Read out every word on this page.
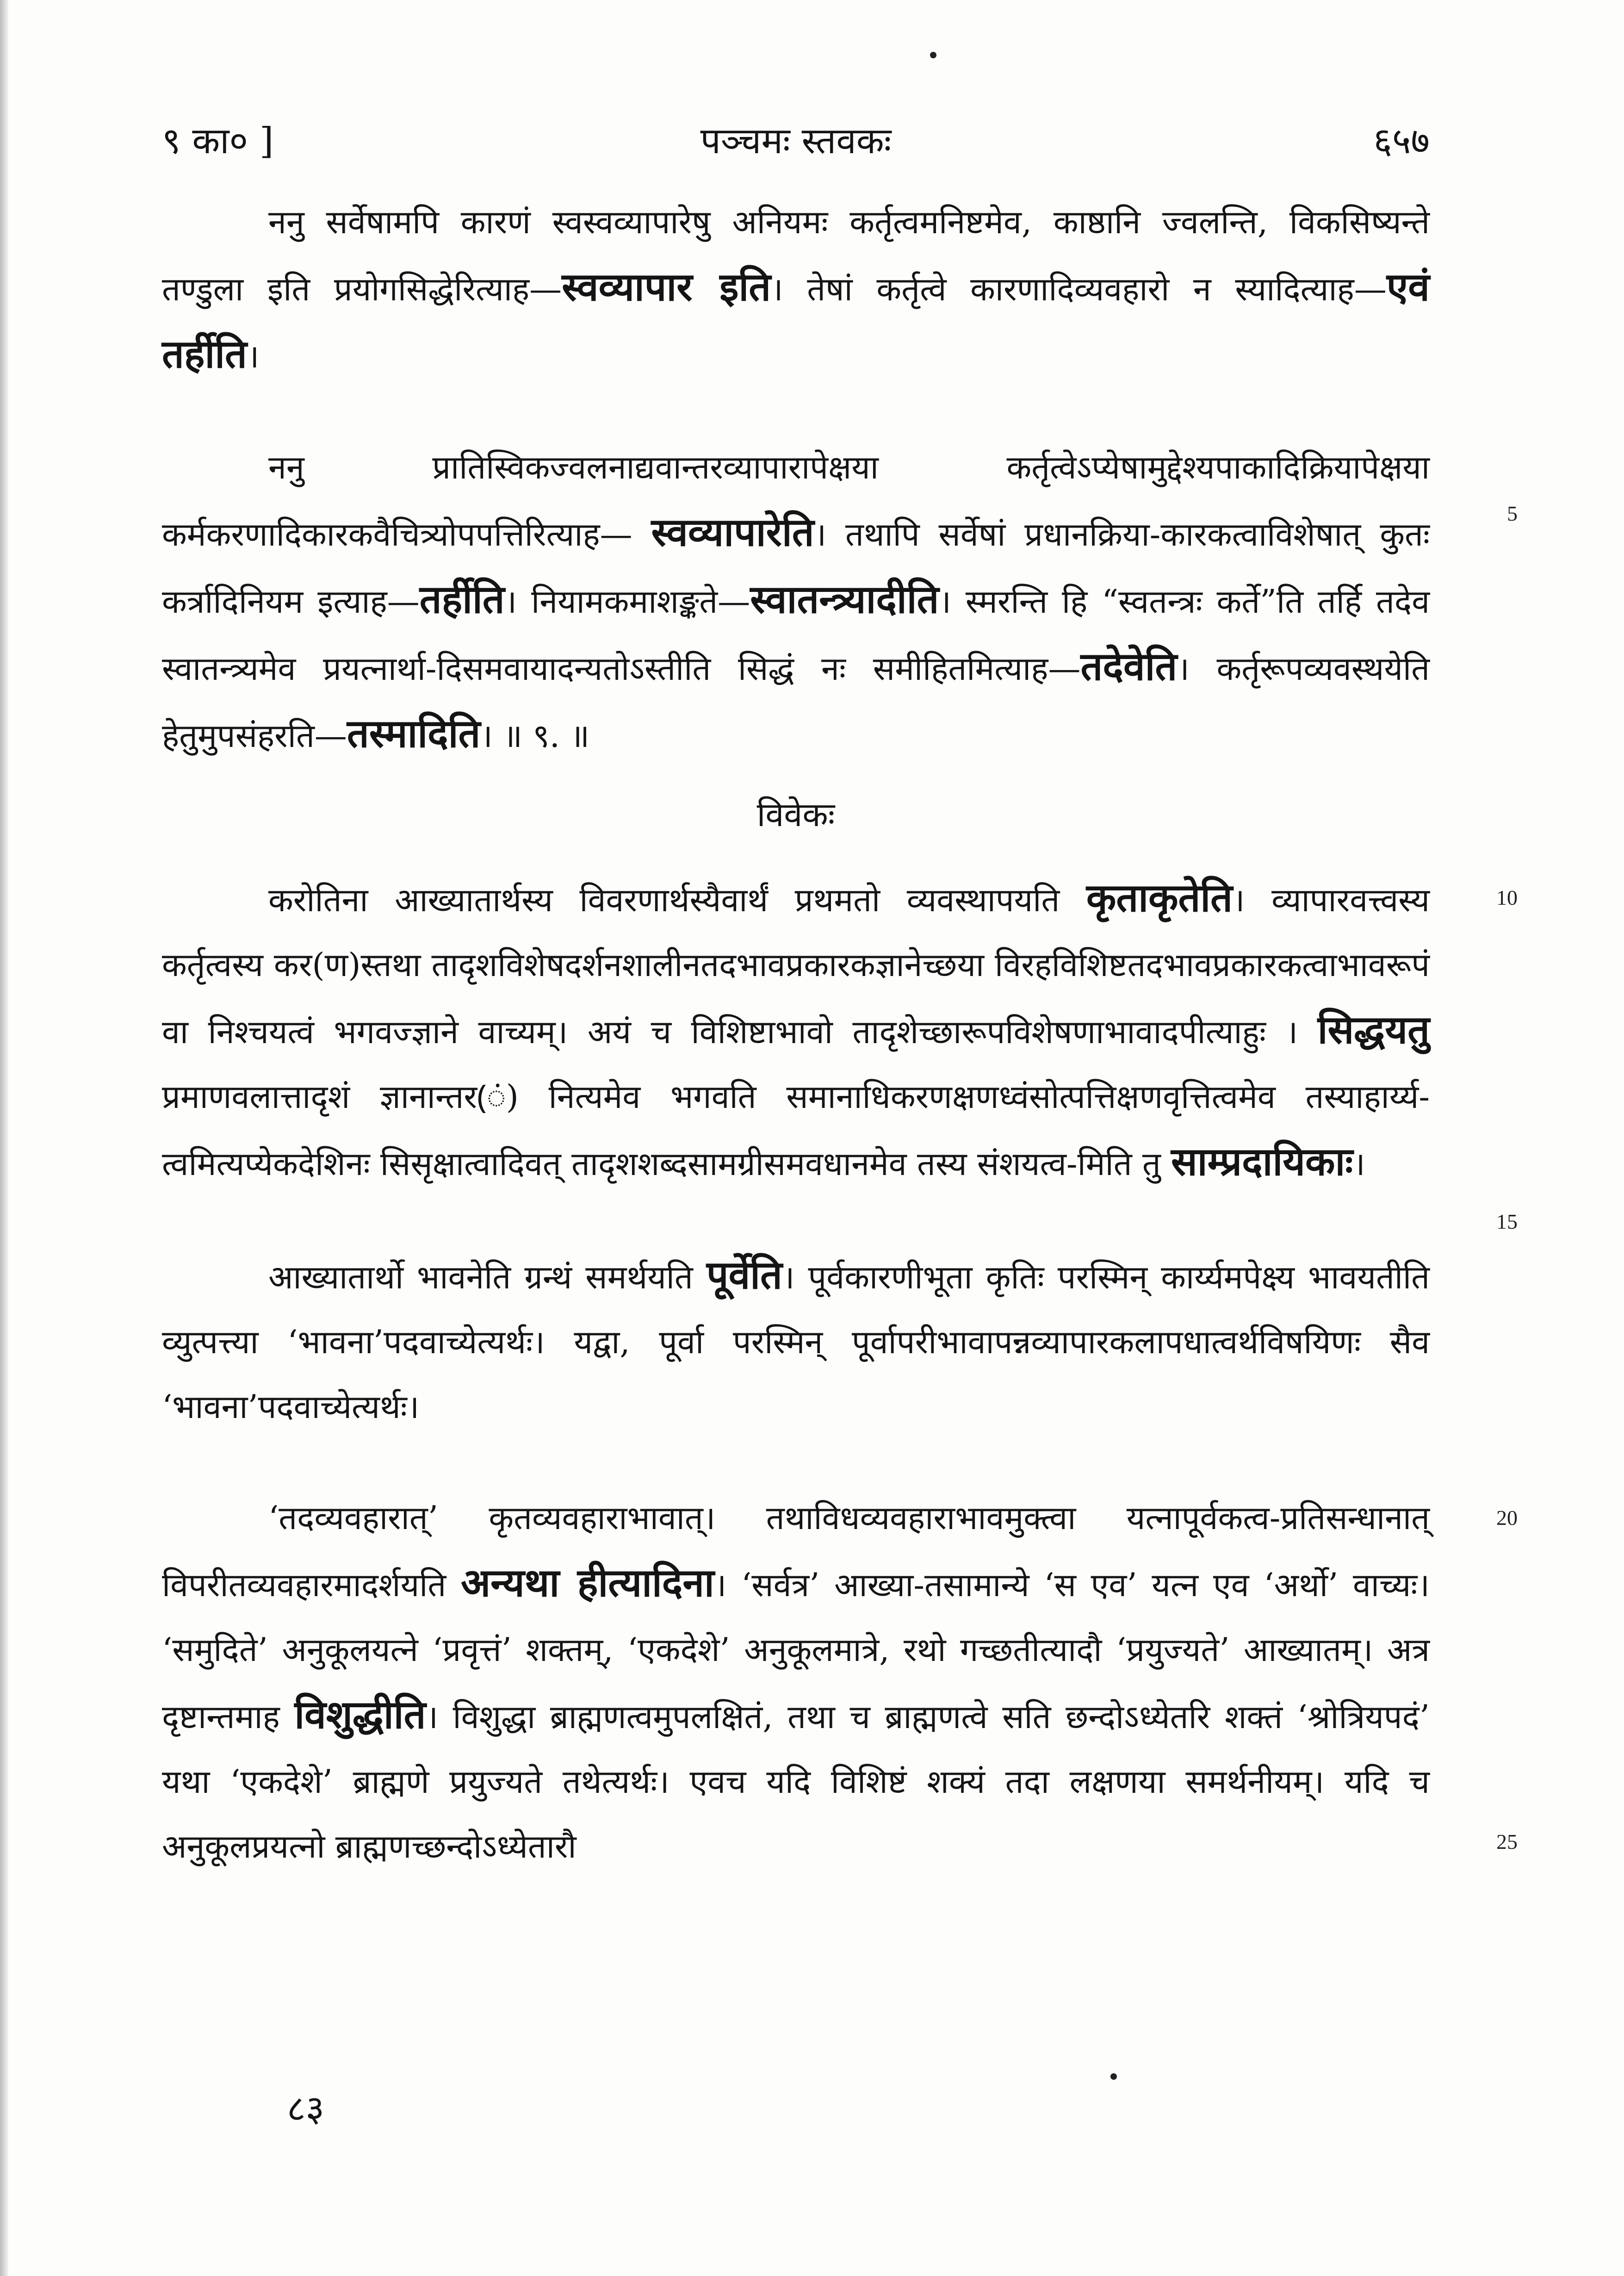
९ का० ]	पञ्चमः स्तवकः	६५७

ननु सर्वेषामपि कारणं स्वस्वव्यापारेषु अनियमः कर्तृत्वमनिष्टमेव, काष्ठानि ज्वलन्ति, विकसिष्यन्ते तण्डुला इति प्रयोगसिद्धेरित्याह—स्वव्यापार इति। तेषां कर्तृत्वे कारणादिव्यवहारो न स्यादित्याह—एवं तर्हीति।

5
ननु प्रातिस्विकज्वलनाद्यवान्तरव्यापारापेक्षया कर्तृत्वेऽप्येषामुद्देश्यपाकादिक्रियापेक्षया कर्मकरणादिकारकवैचित्र्योपपत्तिरित्याह— स्वव्यापारेति। तथापि सर्वेषां प्रधानक्रिया-कारकत्वाविशेषात् कुतः कर्त्रादिनियम इत्याह—तर्हीति। नियामकमाशङ्कते—स्वातन्त्र्यादीति। स्मरन्ति हि “स्वतन्त्रः कर्ते”ति तर्हि तदेव स्वातन्त्र्यमेव प्रयत्नार्था-दिसमवायादन्यतोऽस्तीति सिद्धं नः समीहितमित्याह—तदेवेति। कर्तृरूपव्यवस्थयेति हेतुमुपसंहरति—तस्मादिति। ॥ ९. ॥

विवेकः

10
15
करोतिना आख्यातार्थस्य विवरणार्थस्यैवार्थं प्रथमतो व्यवस्थापयति कृताकृतेति। व्यापारवत्त्वस्य कर्तृत्वस्य कर(ण)स्तथा तादृशविशेषदर्शनशालीनतदभावप्रकारकज्ञानेच्छया विरहविशिष्टतदभावप्रकारकत्वाभावरूपं वा निश्चयत्वं भगवज्ज्ञाने वाच्यम्। अयं च विशिष्टाभावो तादृशेच्छारूपविशेषणाभावादपीत्याहुः । सिद्धयतु प्रमाणवलात्तादृशं ज्ञानान्तर(ं) नित्यमेव भगवति समानाधिकरणक्षणध्वंसोत्पत्तिक्षणवृत्तित्वमेव तस्याहार्य्य-त्वमित्यप्येकदेशिनः सिसृक्षात्वादिवत् तादृशशब्दसामग्रीसमवधानमेव तस्य संशयत्व-मिति तु साम्प्रदायिकाः।

आख्यातार्थो भावनेति ग्रन्थं समर्थयति पूर्वेति। पूर्वकारणीभूता कृतिः परस्मिन् कार्य्यमपेक्ष्य भावयतीति व्युत्पत्त्या ‘भावना’पदवाच्येत्यर्थः। यद्वा, पूर्वा परस्मिन् पूर्वापरीभावापन्नव्यापारकलापधात्वर्थविषयिणः सैव ‘भावना’पदवाच्येत्यर्थः।

20
25
‘तदव्यवहारात्’ कृतव्यवहाराभावात्। तथाविधव्यवहाराभावमुक्त्वा यत्नापूर्वकत्व-प्रतिसन्धानात् विपरीतव्यवहारमादर्शयति अन्यथा हीत्यादिना। ‘सर्वत्र’ आख्या-तसामान्ये ‘स एव’ यत्न एव ‘अर्थो’ वाच्यः। ‘समुदिते’ अनुकूलयत्ने ‘प्रवृत्तं’ शक्तम्, ‘एकदेशे’ अनुकूलमात्रे, रथो गच्छतीत्यादौ ‘प्रयुज्यते’ आख्यातम्। अत्र दृष्टान्तमाह विशुद्धीति। विशुद्धा ब्राह्मणत्वमुपलक्षितं, तथा च ब्राह्मणत्वे सति छन्दोऽध्येतरि शक्तं ‘श्रोत्रियपदं’ यथा ‘एकदेशे’ ब्राह्मणे प्रयुज्यते तथेत्यर्थः। एवच यदि विशिष्टं शक्यं तदा लक्षणया समर्थनीयम्। यदि च अनुकूलप्रयत्नो ब्राह्मणच्छन्दोऽध्येतारौ

८३
